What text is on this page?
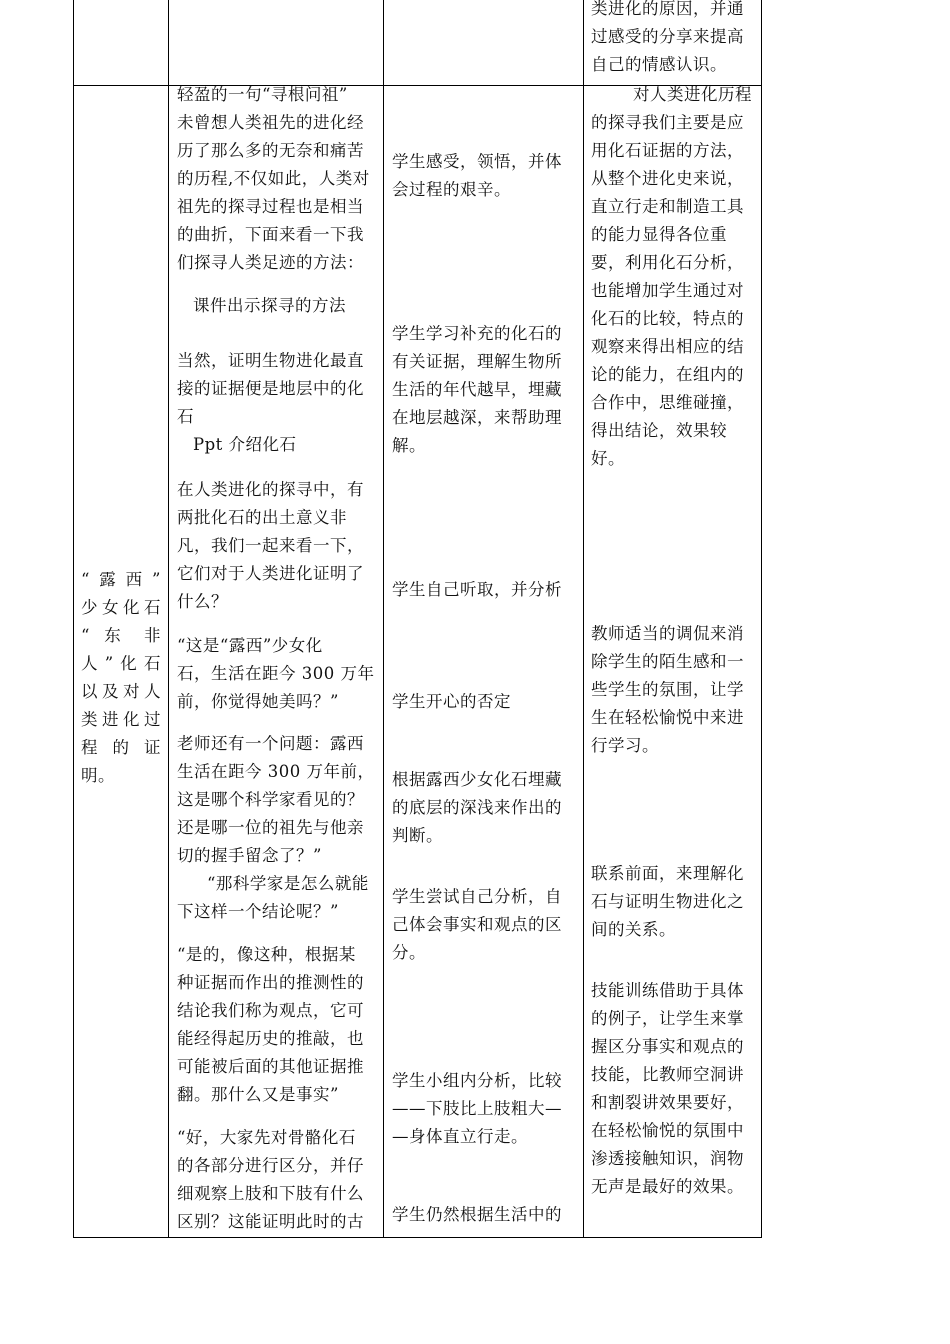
类进化的原因，并通
过感受的分享来提高
自己的情感认识。
“露西”
少女化石
“ 东 非
人”化石
以及对人
类进化过
程 的 证
明。
轻盈的一句“寻根问祖”
未曾想人类祖先的进化经
历了那么多的无奈和痛苦
的历程,不仅如此，人类对
祖先的探寻过程也是相当
的曲折，下面来看一下我
们探寻人类足迹的方法：
课件出示探寻的方法
当然，证明生物进化最直
接的证据便是地层中的化
石
Ppt 介绍化石
在人类进化的探寻中，有
两批化石的出土意义非
凡，我们一起来看一下，
它们对于人类进化证明了
什么？
“这是“露西”少女化
石，生活在距今 300 万年
前，你觉得她美吗？”
老师还有一个问题：露西
生活在距今 300 万年前，
这是哪个科学家看见的？
还是哪一位的祖先与他亲
切的握手留念了？”
“那科学家是怎么就能
下这样一个结论呢？”
“是的，像这种，根据某
种证据而作出的推测性的
结论我们称为观点，它可
能经得起历史的推敲，也
可能被后面的其他证据推
翻。那什么又是事实”
“好，大家先对骨骼化石
的各部分进行区分，并仔
细观察上肢和下肢有什么
区别？这能证明此时的古
学生感受，领悟，并体
会过程的艰辛。
学生学习补充的化石的
有关证据，理解生物所
生活的年代越早，埋藏
在地层越深，来帮助理
解。
学生自己听取，并分析
学生开心的否定
根据露西少女化石埋藏
的底层的深浅来作出的
判断。
学生尝试自己分析，自
己体会事实和观点的区
分。
学生小组内分析，比较
——下肢比上肢粗大—
—身体直立行走。
学生仍然根据生活中的
对人类进化历程
的探寻我们主要是应
用化石证据的方法，
从整个进化史来说，
直立行走和制造工具
的能力显得各位重
要，利用化石分析，
也能增加学生通过对
化石的比较，特点的
观察来得出相应的结
论的能力，在组内的
合作中，思维碰撞，
得出结论，效果较
好。
教师适当的调侃来消
除学生的陌生感和一
些学生的氛围，让学
生在轻松愉悦中来进
行学习。
联系前面，来理解化
石与证明生物进化之
间的关系。
技能训练借助于具体
的例子，让学生来掌
握区分事实和观点的
技能，比教师空洞讲
和割裂讲效果要好，
在轻松愉悦的氛围中
渗透接触知识，润物
无声是最好的效果。
